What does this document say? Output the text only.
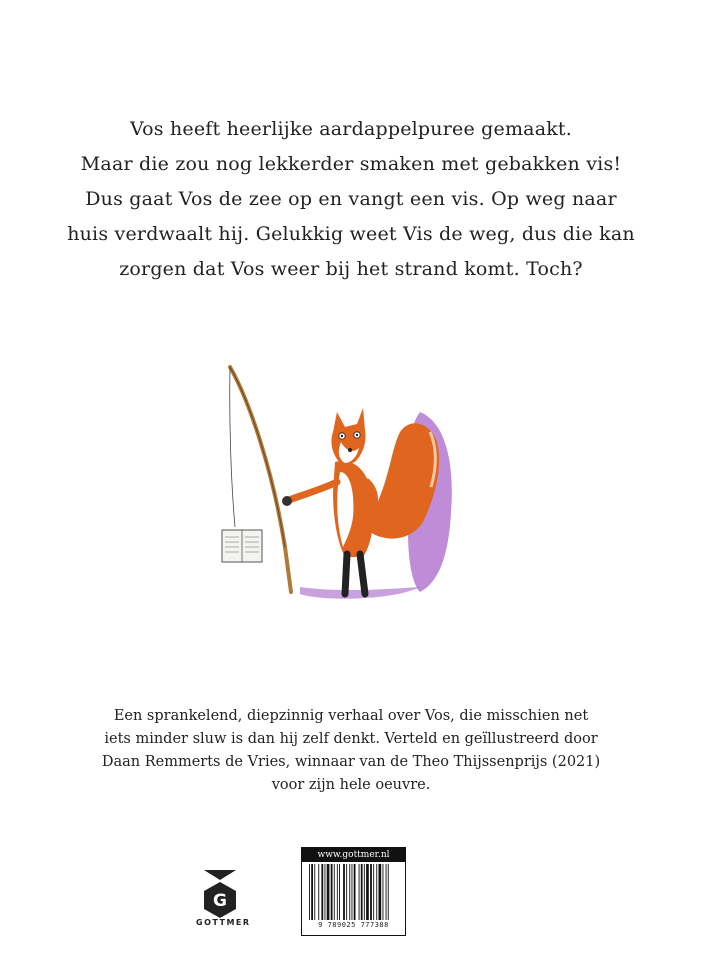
Vos heeft heerlijke aardappelpuree gemaakt.

Maar die zou nog lekkerder smaken met gebakken vis!

Dus gaat Vos de zee op en vangt een vis. Op weg naar

huis verdwaalt hij. Gelukkig weet Vis de weg, dus die kan

zorgen dat Vos weer bij het strand komt. Toch?

Een sprankelend, diepzinnig verhaal over Vos, die misschien net

iets minder sluw is dan hij zelf denkt. Verteld en geïllustreerd door

Daan Remmerts de Vries, winnaar van de Theo Thijssenprijs (2021)

voor zijn hele oeuvre.

G
GOTTMER
www.gottmer.nl
9 789025 777388
